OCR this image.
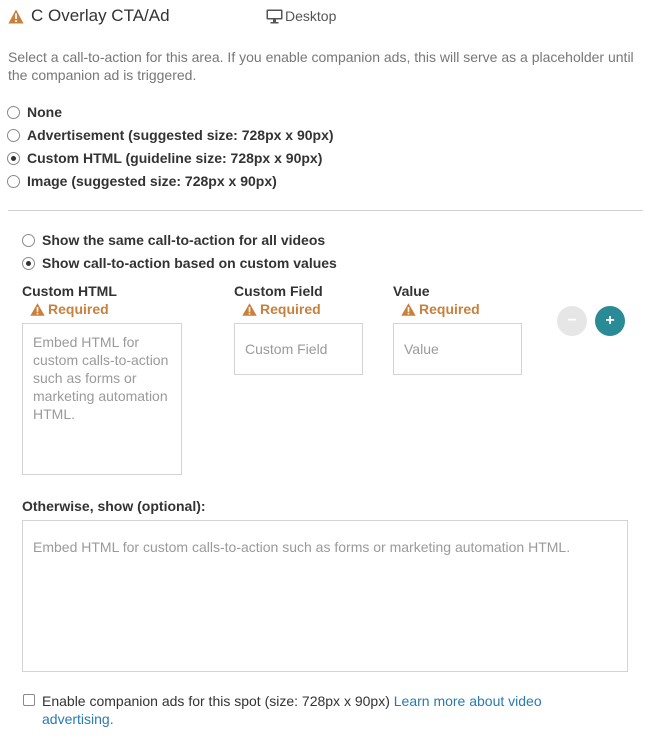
C Overlay CTA/Ad	Desktop
Select a call-to-action for this area. If you enable companion ads, this will serve as a placeholder until the companion ad is triggered.
None
Advertisement (suggested size: 728px x 90px)
Custom HTML (guideline size: 728px x 90px)
Image (suggested size: 728px x 90px)
Show the same call-to-action for all videos
Show call-to-action based on custom values
Custom HTML
Required
Embed HTML for custom calls-to-action such as forms or marketing automation HTML.
Custom Field
Required
Custom Field
Value
Required
Value
− +
Otherwise, show (optional):
Embed HTML for custom calls-to-action such as forms or marketing automation HTML.
Enable companion ads for this spot (size: 728px x 90px) Learn more about video advertising.
